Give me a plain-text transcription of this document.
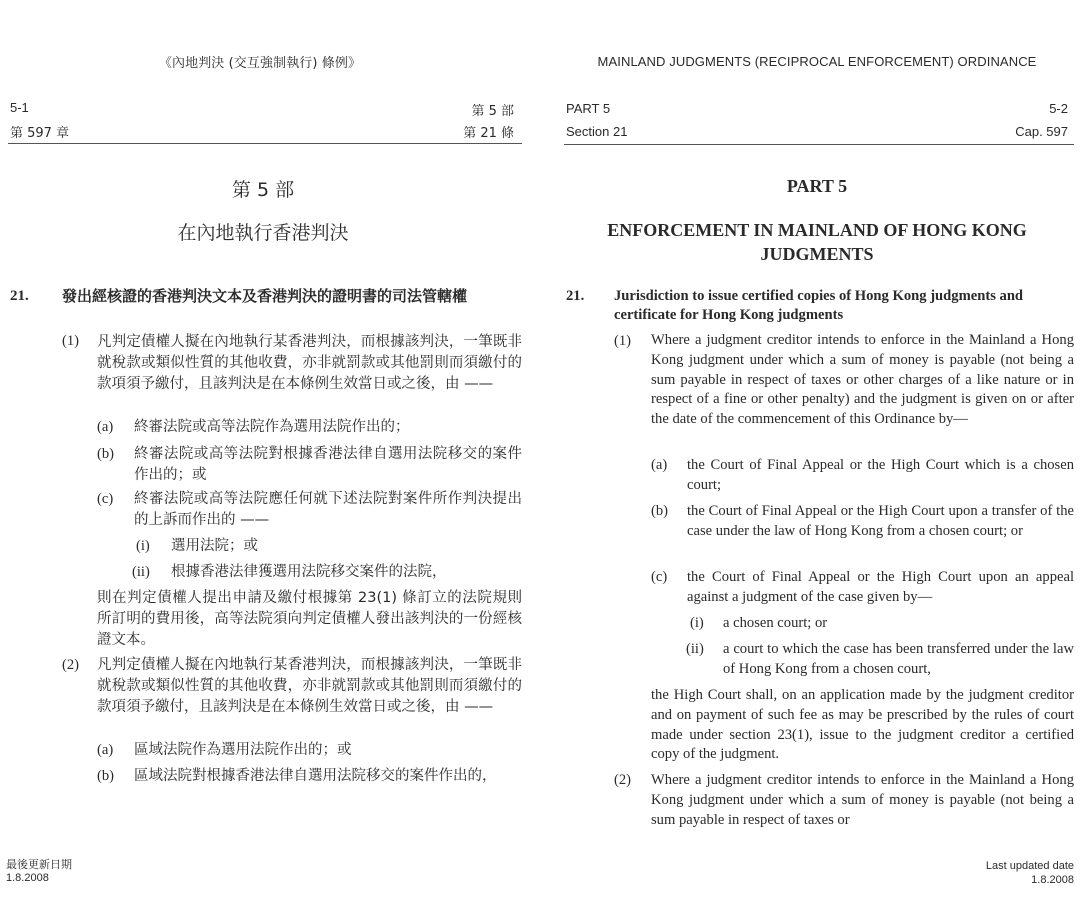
《內地判決 (交互強制執行) 條例》
5-1	第 5 部
第 597 章	第 21 條
第 5 部
在內地執行香港判決
21. 發出經核證的香港判決文本及香港判決的證明書的司法管轄權
(1) 凡判定債權人擬在內地執行某香港判決，而根據該判決，一筆既非就稅款或類似性質的其他收費，亦非就罰款或其他罰則而須繳付的款項須予繳付，且該判決是在本條例生效當日或之後，由 ——
(a) 終審法院或高等法院作為選用法院作出的；
(b) 終審法院或高等法院對根據香港法律自選用法院移交的案件作出的；或
(c) 終審法院或高等法院應任何就下述法院對案件所作判決提出的上訴而作出的 ——
(i) 選用法院；或
(ii) 根據香港法律獲選用法院移交案件的法院，
則在判定債權人提出申請及繳付根據第 23(1) 條訂立的法院規則所訂明的費用後，高等法院須向判定債權人發出該判決的一份經核證文本。
(2) 凡判定債權人擬在內地執行某香港判決，而根據該判決，一筆既非就稅款或類似性質的其他收費，亦非就罰款或其他罰則而須繳付的款項須予繳付，且該判決是在本條例生效當日或之後，由 ——
(a) 區域法院作為選用法院作出的；或
(b) 區域法院對根據香港法律自選用法院移交的案件作出的，
最後更新日期
1.8.2008
MAINLAND JUDGMENTS (RECIPROCAL ENFORCEMENT) ORDINANCE
PART 5	5-2
Section 21	Cap. 597
PART 5
ENFORCEMENT IN MAINLAND OF HONG KONG
JUDGMENTS
21. Jurisdiction to issue certified copies of Hong Kong judgments and certificate for Hong Kong judgments
(1) Where a judgment creditor intends to enforce in the Mainland a Hong Kong judgment under which a sum of money is payable (not being a sum payable in respect of taxes or other charges of a like nature or in respect of a fine or other penalty) and the judgment is given on or after the date of the commencement of this Ordinance by—
(a) the Court of Final Appeal or the High Court which is a chosen court;
(b) the Court of Final Appeal or the High Court upon a transfer of the case under the law of Hong Kong from a chosen court; or
(c) the Court of Final Appeal or the High Court upon an appeal against a judgment of the case given by—
(i) a chosen court; or
(ii) a court to which the case has been transferred under the law of Hong Kong from a chosen court,
the High Court shall, on an application made by the judgment creditor and on payment of such fee as may be prescribed by the rules of court made under section 23(1), issue to the judgment creditor a certified copy of the judgment.
(2) Where a judgment creditor intends to enforce in the Mainland a Hong Kong judgment under which a sum of money is payable (not being a sum payable in respect of taxes or
Last updated date
1.8.2008
